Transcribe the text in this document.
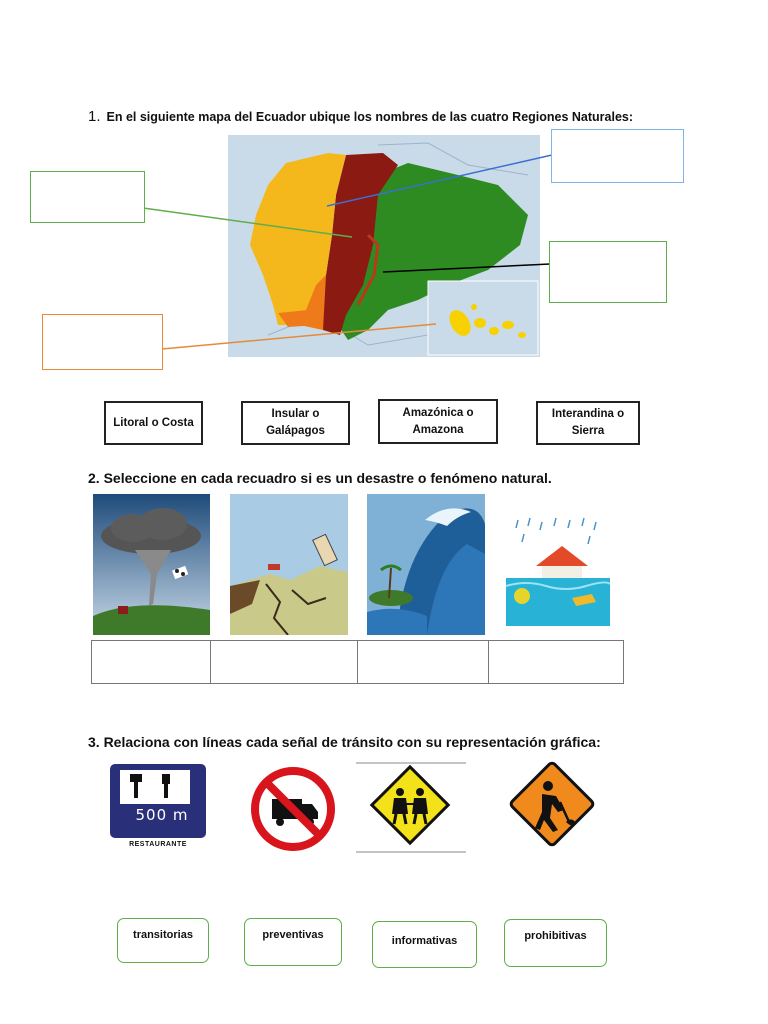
1. En el siguiente mapa del Ecuador ubique los nombres de las cuatro Regiones Naturales:
Litoral o Costa
Insular o
Galápagos
Amazónica o
Amazona
Interandina o
Sierra
2. Seleccione en cada recuadro si es un desastre o fenómeno natural.

3. Relaciona con líneas cada señal de tránsito con su representación gráfica:
500 m
RESTAURANTE
transitorias	preventivas	informativas	prohibitivas
